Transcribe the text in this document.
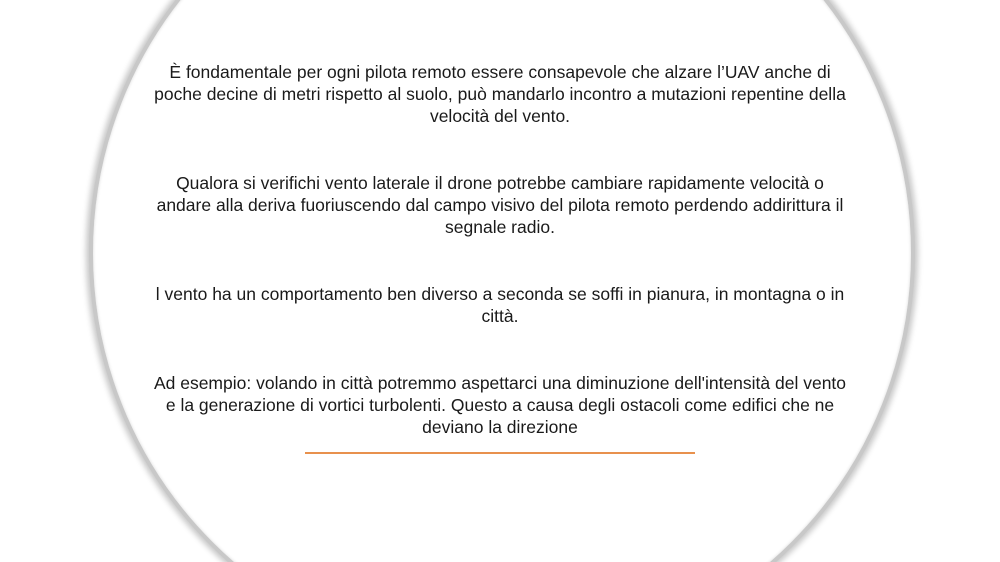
È fondamentale per ogni pilota remoto essere consapevole che alzare l’UAV anche di poche decine di metri rispetto al suolo, può mandarlo incontro a mutazioni repentine della velocità del vento.

Qualora si verifichi vento laterale il drone potrebbe cambiare rapidamente velocità o andare alla deriva fuoriuscendo dal campo visivo del pilota remoto perdendo addirittura il segnale radio.

l vento ha un comportamento ben diverso a seconda se soffi in pianura, in montagna o in città.

Ad esempio: volando in città potremmo aspettarci una diminuzione dell'intensità del vento e la generazione di vortici turbolenti. Questo a causa degli ostacoli come edifici che ne deviano la direzione
